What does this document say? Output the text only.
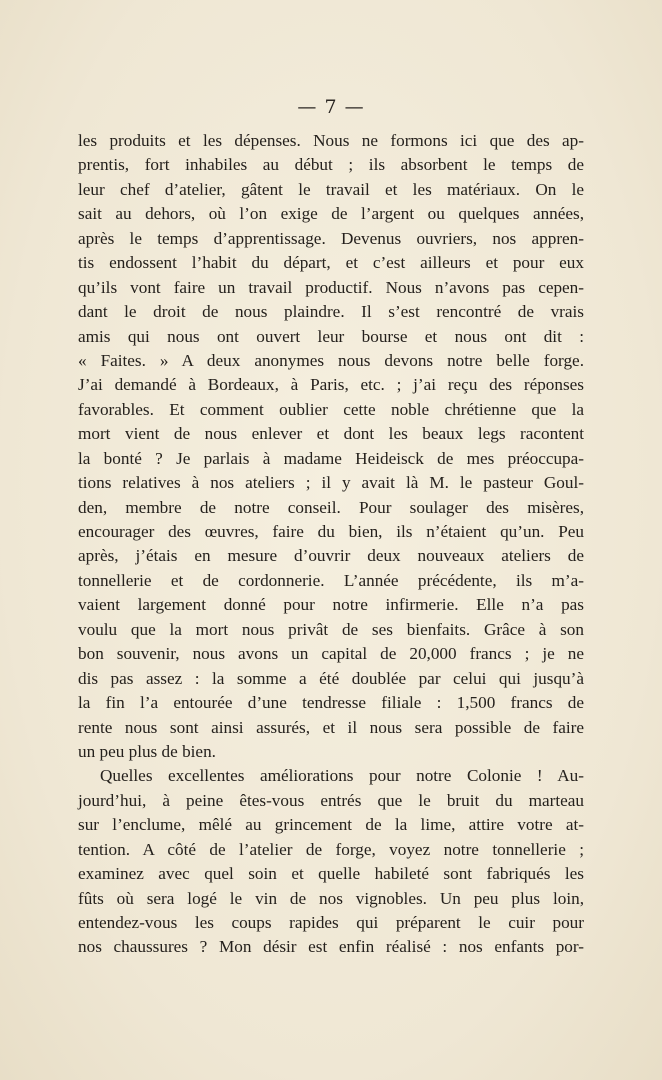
— 7 —
les produits et les dépenses. Nous ne formons ici que des ap-
prentis, fort inhabiles au début ; ils absorbent le temps de
leur chef d’atelier, gâtent le travail et les matériaux. On le
sait au dehors, où l’on exige de l’argent ou quelques années,
après le temps d’apprentissage. Devenus ouvriers, nos appren-
tis endossent l’habit du départ, et c’est ailleurs et pour eux
qu’ils vont faire un travail productif. Nous n’avons pas cepen-
dant le droit de nous plaindre. Il s’est rencontré de vrais
amis qui nous ont ouvert leur bourse et nous ont dit :
« Faites. » A deux anonymes nous devons notre belle forge.
J’ai demandé à Bordeaux, à Paris, etc. ; j’ai reçu des réponses
favorables. Et comment oublier cette noble chrétienne que la
mort vient de nous enlever et dont les beaux legs racontent
la bonté ? Je parlais à madame Heideisck de mes préoccupa-
tions relatives à nos ateliers ; il y avait là M. le pasteur Goul-
den, membre de notre conseil. Pour soulager des misères,
encourager des œuvres, faire du bien, ils n’étaient qu’un. Peu
après, j’étais en mesure d’ouvrir deux nouveaux ateliers de
tonnellerie et de cordonnerie. L’année précédente, ils m’a-
vaient largement donné pour notre infirmerie. Elle n’a pas
voulu que la mort nous privât de ses bienfaits. Grâce à son
bon souvenir, nous avons un capital de 20,000 francs ; je ne
dis pas assez : la somme a été doublée par celui qui jusqu’à
la fin l’a entourée d’une tendresse filiale : 1,500 francs de
rente nous sont ainsi assurés, et il nous sera possible de faire
un peu plus de bien.
Quelles excellentes améliorations pour notre Colonie ! Au-
jourd’hui, à peine êtes-vous entrés que le bruit du marteau
sur l’enclume, mêlé au grincement de la lime, attire votre at-
tention. A côté de l’atelier de forge, voyez notre tonnellerie ;
examinez avec quel soin et quelle habileté sont fabriqués les
fûts où sera logé le vin de nos vignobles. Un peu plus loin,
entendez-vous les coups rapides qui préparent le cuir pour
nos chaussures ? Mon désir est enfin réalisé : nos enfants por-
